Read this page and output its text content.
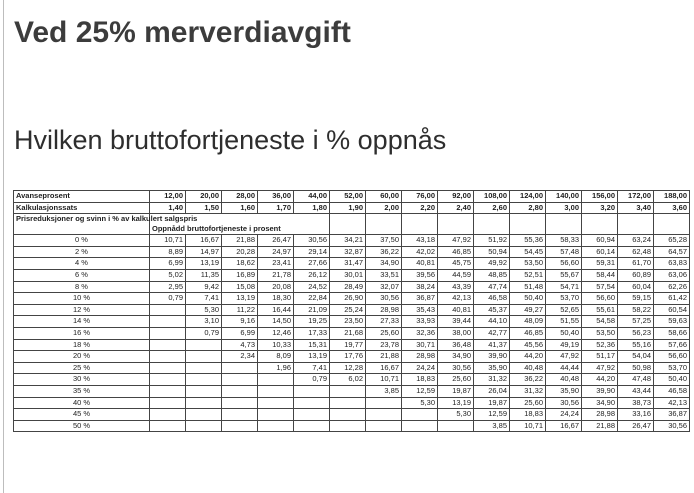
Ved 25% merverdiavgift
Hvilken bruttofortjeneste i % oppnås
Avanseprosent	12,00	20,00	28,00	36,00	44,00	52,00	60,00	76,00	92,00	108,00	124,00	140,00	156,00	172,00	188,00
Kalkulasjonssats	1,40	1,50	1,60	1,70	1,80	1,90	2,00	2,20	2,40	2,60	2,80	3,00	3,20	3,40	3,60
Prisreduksjoner og svinn i % av kalkulert salgspris	Oppnådd bruttofortjeneste i prosent														
0 %	10,71	16,67	21,88	26,47	30,56	34,21	37,50	43,18	47,92	51,92	55,36	58,33	60,94	63,24	65,28
2 %	8,89	14,97	20,28	24,97	29,14	32,87	36,22	42,02	46,85	50,94	54,45	57,48	60,14	62,48	64,57
4 %	6,99	13,19	18,62	23,41	27,66	31,47	34,90	40,81	45,75	49,92	53,50	56,60	59,31	61,70	63,83
6 %	5,02	11,35	16,89	21,78	26,12	30,01	33,51	39,56	44,59	48,85	52,51	55,67	58,44	60,89	63,06
8 %	2,95	9,42	15,08	20,08	24,52	28,49	32,07	38,24	43,39	47,74	51,48	54,71	57,54	60,04	62,26
10 %	0,79	7,41	13,19	18,30	22,84	26,90	30,56	36,87	42,13	46,58	50,40	53,70	56,60	59,15	61,42
12 %		5,30	11,22	16,44	21,09	25,24	28,98	35,43	40,81	45,37	49,27	52,65	55,61	58,22	60,54
14 %		3,10	9,16	14,50	19,25	23,50	27,33	33,93	39,44	44,10	48,09	51,55	54,58	57,25	59,63
16 %		0,79	6,99	12,46	17,33	21,68	25,60	32,36	38,00	42,77	46,85	50,40	53,50	56,23	58,66
18 %			4,73	10,33	15,31	19,77	23,78	30,71	36,48	41,37	45,56	49,19	52,36	55,16	57,66
20 %			2,34	8,09	13,19	17,76	21,88	28,98	34,90	39,90	44,20	47,92	51,17	54,04	56,60
25 %				1,96	7,41	12,28	16,67	24,24	30,56	35,90	40,48	44,44	47,92	50,98	53,70
30 %					0,79	6,02	10,71	18,83	25,60	31,32	36,22	40,48	44,20	47,48	50,40
35 %							3,85	12,59	19,87	26,04	31,32	35,90	39,90	43,44	46,58
40 %								5,30	13,19	19,87	25,60	30,56	34,90	38,73	42,13
45 %									5,30	12,59	18,83	24,24	28,98	33,16	36,87
50 %										3,85	10,71	16,67	21,88	26,47	30,56
